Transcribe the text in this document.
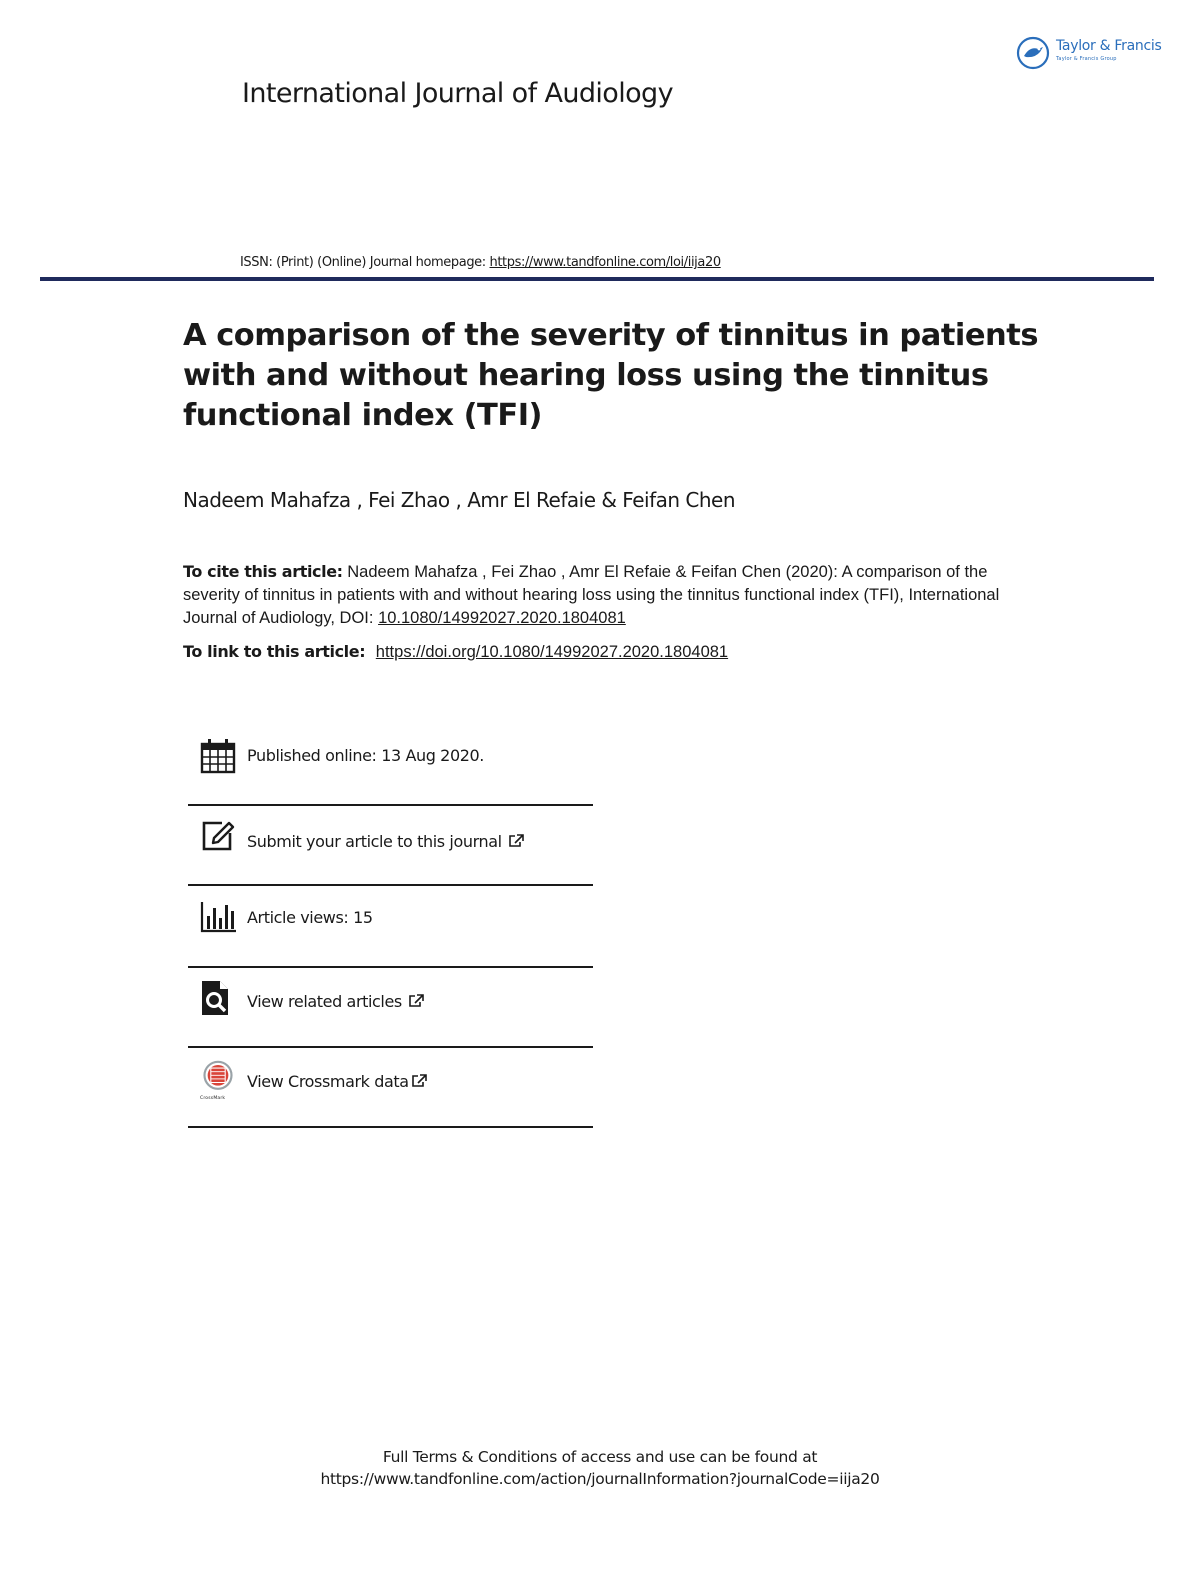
Taylor & Francis
Taylor & Francis Group
International Journal of Audiology
ISSN: (Print) (Online) Journal homepage: https://www.tandfonline.com/loi/iija20
A comparison of the severity of tinnitus in patients with and without hearing loss using the tinnitus functional index (TFI)
Nadeem Mahafza , Fei Zhao , Amr El Refaie & Feifan Chen
To cite this article: Nadeem Mahafza , Fei Zhao , Amr El Refaie & Feifan Chen (2020): A comparison of the severity of tinnitus in patients with and without hearing loss using the tinnitus functional index (TFI), International Journal of Audiology, DOI: 10.1080/14992027.2020.1804081
To link to this article: https://doi.org/10.1080/14992027.2020.1804081
Published online: 13 Aug 2020.
Submit your article to this journal
Article views: 15
View related articles
CrossMark
View Crossmark data
Full Terms & Conditions of access and use can be found at
https://www.tandfonline.com/action/journalInformation?journalCode=iija20
